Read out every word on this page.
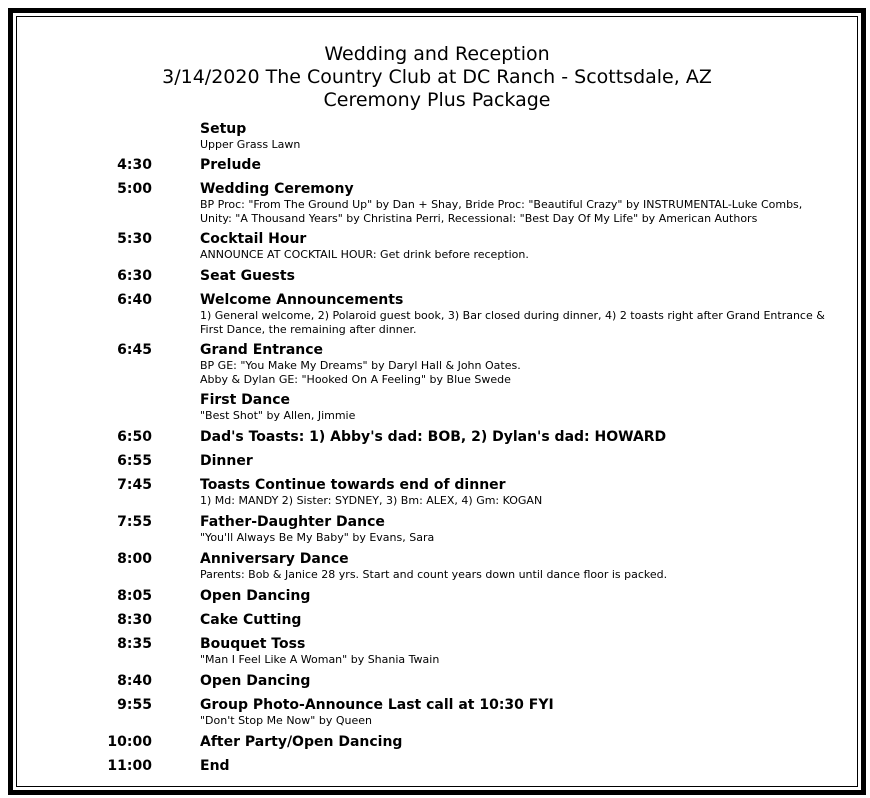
Wedding and Reception
3/14/2020 The Country Club at DC Ranch - Scottsdale, AZ
Ceremony Plus Package
Setup
Upper Grass Lawn
4:30	Prelude
5:00	Wedding Ceremony
BP Proc: "From The Ground Up" by Dan + Shay, Bride Proc: "Beautiful Crazy" by INSTRUMENTAL-Luke Combs,
Unity: "A Thousand Years" by Christina Perri, Recessional: "Best Day Of My Life" by American Authors
5:30	Cocktail Hour
ANNOUNCE AT COCKTAIL HOUR: Get drink before reception.
6:30	Seat Guests
6:40	Welcome Announcements
1) General welcome, 2) Polaroid guest book, 3) Bar closed during dinner, 4) 2 toasts right after Grand Entrance &
First Dance, the remaining after dinner.
6:45	Grand Entrance
BP GE: "You Make My Dreams" by Daryl Hall & John Oates.
Abby & Dylan GE: "Hooked On A Feeling" by Blue Swede
First Dance
"Best Shot" by Allen, Jimmie
6:50	Dad's Toasts: 1) Abby's dad: BOB, 2) Dylan's dad: HOWARD
6:55	Dinner
7:45	Toasts Continue towards end of dinner
1) Md: MANDY 2) Sister: SYDNEY, 3) Bm: ALEX, 4) Gm: KOGAN
7:55	Father-Daughter Dance
"You'll Always Be My Baby" by Evans, Sara
8:00	Anniversary Dance
Parents: Bob & Janice 28 yrs. Start and count years down until dance floor is packed.
8:05	Open Dancing
8:30	Cake Cutting
8:35	Bouquet Toss
"Man I Feel Like A Woman" by Shania Twain
8:40	Open Dancing
9:55	Group Photo-Announce Last call at 10:30 FYI
"Don't Stop Me Now" by Queen
10:00	After Party/Open Dancing
11:00	End
